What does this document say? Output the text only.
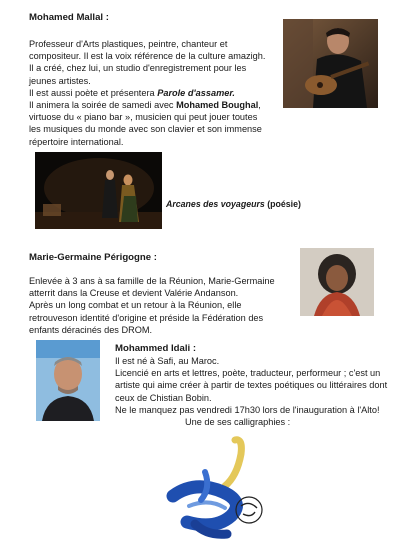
Mohamed Mallal :

Professeur d'Arts plastiques, peintre, chanteur et

compositeur. Il est la voix référence de la culture amazigh.

Il a créé, chez lui, un studio d'enregistrement pour les

jeunes artistes.

Il est aussi poète et présentera Parole d'assamer.

Il animera la soirée de samedi avec Mohamed Boughal,

virtuose du « piano bar », musicien qui peut jouer toutes

les musiques du monde avec son clavier et son immense

répertoire international.

Arcanes des voyageurs (poésie)
Marie-Germaine Périgogne :

Enlevée à 3 ans à sa famille de la Réunion, Marie-Germaine

atterrit dans la Creuse et devient Valérie Andanson.

Après un long combat et un retour à la Réunion, elle

retrouveson identité d'origine et préside la Fédération des

enfants déracinés des DROM.

Mohammed Idali :

Il est né à Safi, au Maroc.

Licencié en arts et lettres, poète, traducteur, performeur ; c'est un

artiste qui aime créer à partir de textes poétiques ou littéraires dont

ceux de Chistian Bobin.

Ne le manquez pas vendredi 17h30 lors de l'inauguration à l'Alto!

Une de ses calligraphies :
